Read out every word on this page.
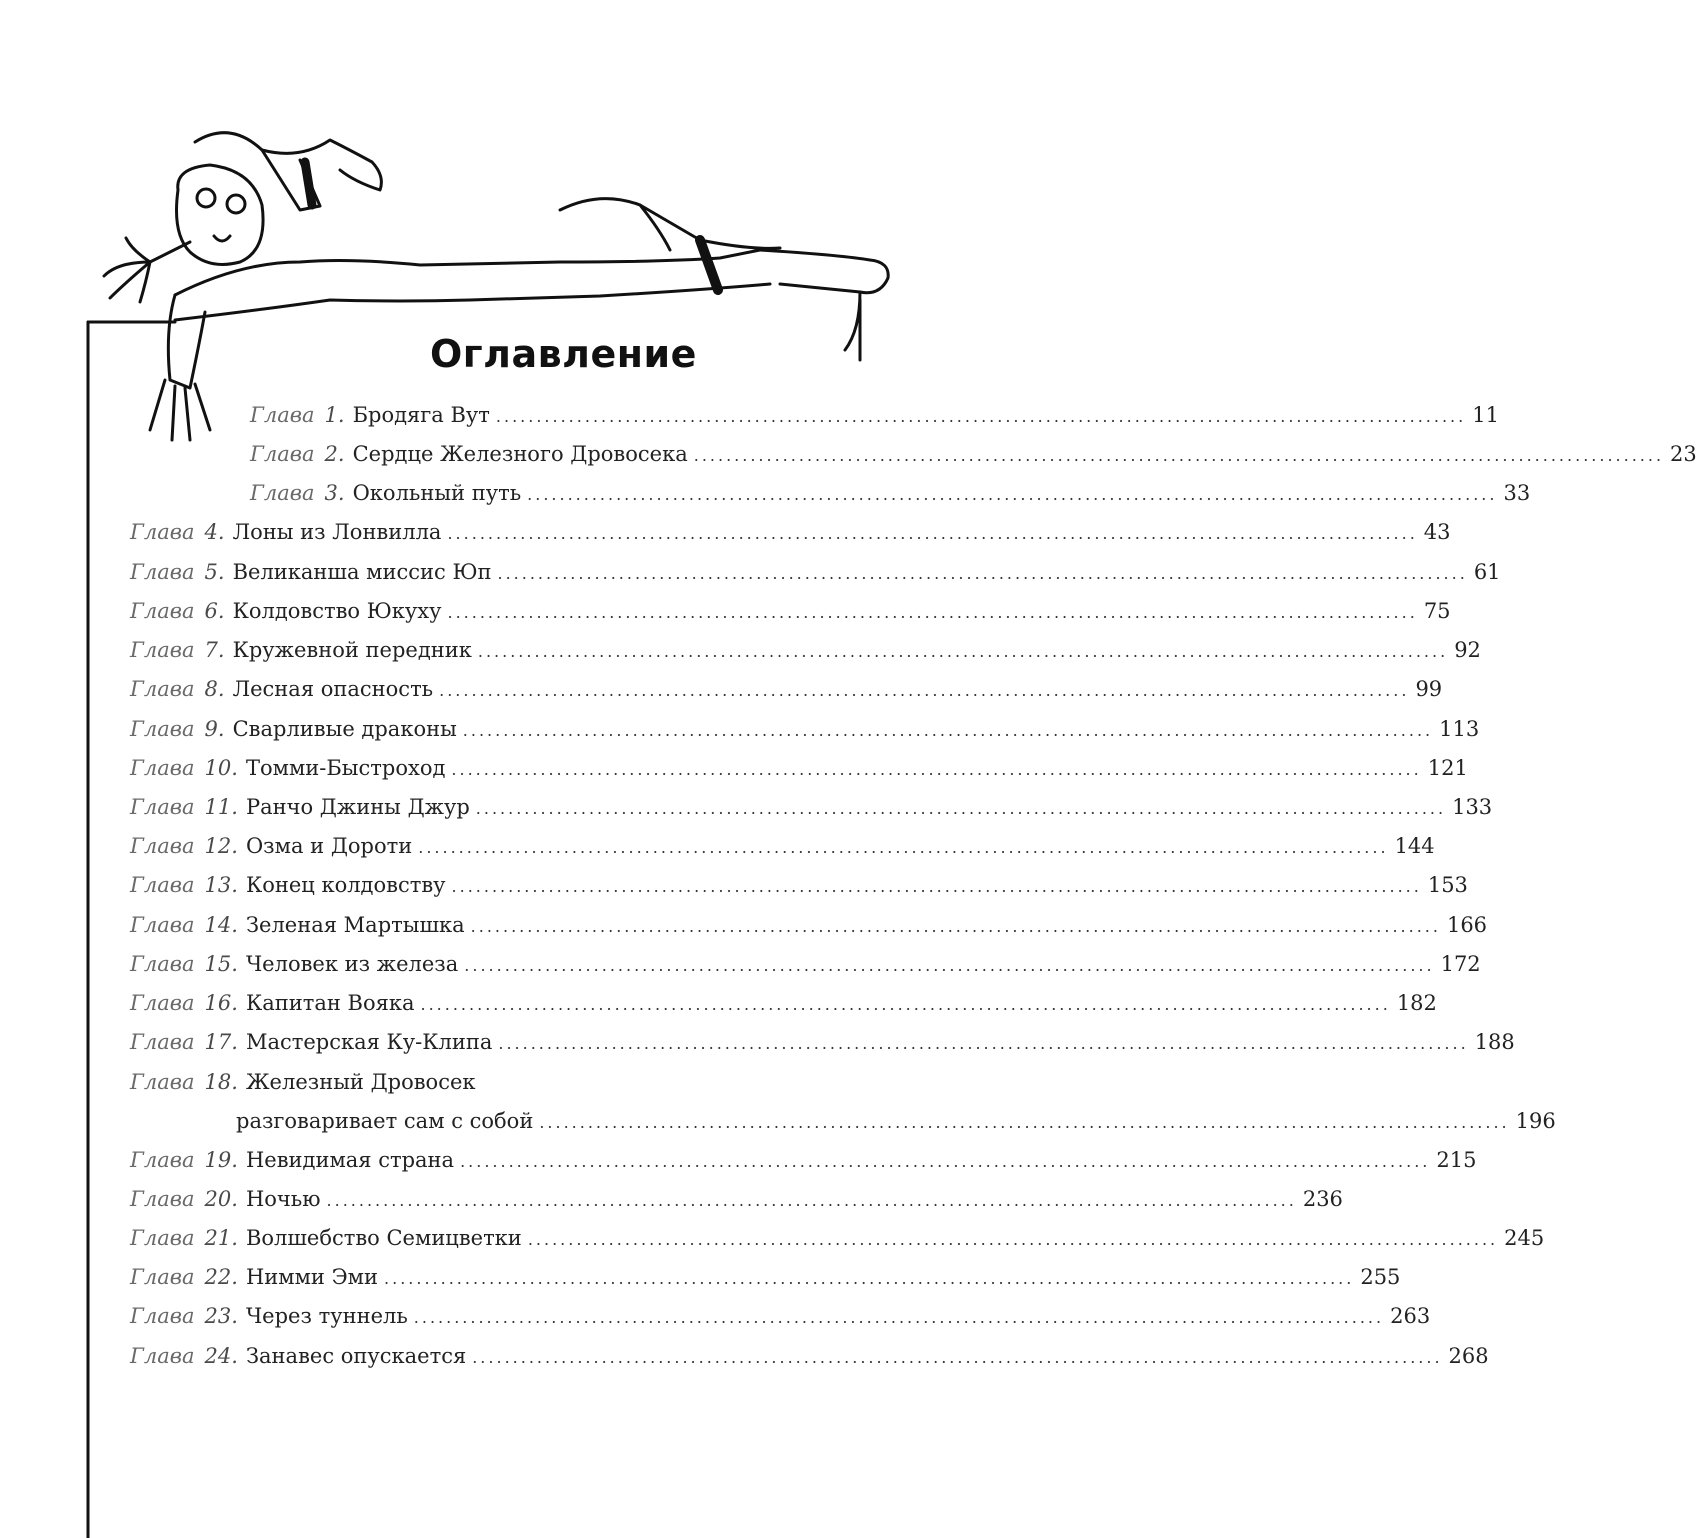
Оглавление
Глава 1. Бродяга Вут ........................................................................................................................ 11
Глава 2. Сердце Железного Дровосека ........................................................................................................................ 23
Глава 3. Окольный путь ........................................................................................................................ 33
Глава 4. Лоны из Лонвилла ........................................................................................................................ 43
Глава 5. Великанша миссис Юп ........................................................................................................................ 61
Глава 6. Колдовство Юкуху ........................................................................................................................ 75
Глава 7. Кружевной передник ........................................................................................................................ 92
Глава 8. Лесная опасность ........................................................................................................................ 99
Глава 9. Сварливые драконы ........................................................................................................................ 113
Глава 10. Томми-Быстроход ........................................................................................................................ 121
Глава 11. Ранчо Джины Джур ........................................................................................................................ 133
Глава 12. Озма и Дороти ........................................................................................................................ 144
Глава 13. Конец колдовству ........................................................................................................................ 153
Глава 14. Зеленая Мартышка ........................................................................................................................ 166
Глава 15. Человек из железа ........................................................................................................................ 172
Глава 16. Капитан Вояка ........................................................................................................................ 182
Глава 17. Мастерская Ку-Клипа ........................................................................................................................ 188
Глава 18. Железный Дровосек
разговаривает сам с собой ........................................................................................................................ 196
Глава 19. Невидимая страна ........................................................................................................................ 215
Глава 20. Ночью ........................................................................................................................ 236
Глава 21. Волшебство Семицветки ........................................................................................................................ 245
Глава 22. Нимми Эми ........................................................................................................................ 255
Глава 23. Через туннель ........................................................................................................................ 263
Глава 24. Занавес опускается ........................................................................................................................ 268
